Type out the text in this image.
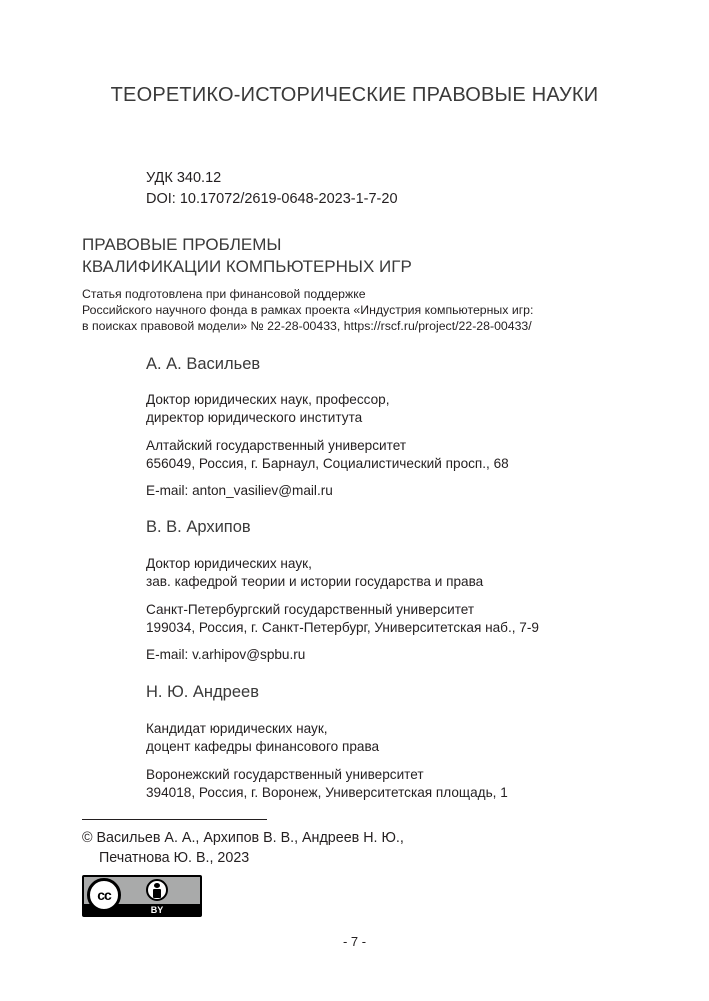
ТЕОРЕТИКО-ИСТОРИЧЕСКИЕ ПРАВОВЫЕ НАУКИ
УДК 340.12
DOI: 10.17072/2619-0648-2023-1-7-20
ПРАВОВЫЕ ПРОБЛЕМЫ
КВАЛИФИКАЦИИ КОМПЬЮТЕРНЫХ ИГР
Статья подготовлена при финансовой поддержке
Российского научного фонда в рамках проекта «Индустрия компьютерных игр:
в поисках правовой модели» № 22-28-00433, https://rscf.ru/project/22-28-00433/
А. А. Васильев
Доктор юридических наук, профессор,
директор юридического института
Алтайский государственный университет
656049, Россия, г. Барнаул, Социалистический просп., 68
E-mail: anton_vasiliev@mail.ru
В. В. Архипов
Доктор юридических наук,
зав. кафедрой теории и истории государства и права
Санкт-Петербургский государственный университет
199034, Россия, г. Санкт-Петербург, Университетская наб., 7-9
E-mail: v.arhipov@spbu.ru
Н. Ю. Андреев
Кандидат юридических наук,
доцент кафедры финансового права
Воронежский государственный университет
394018, Россия, г. Воронеж, Университетская площадь, 1
© Васильев А. А., Архипов В. В., Андреев Н. Ю.,
Печатнова Ю. В., 2023
cc
BY
- 7 -
